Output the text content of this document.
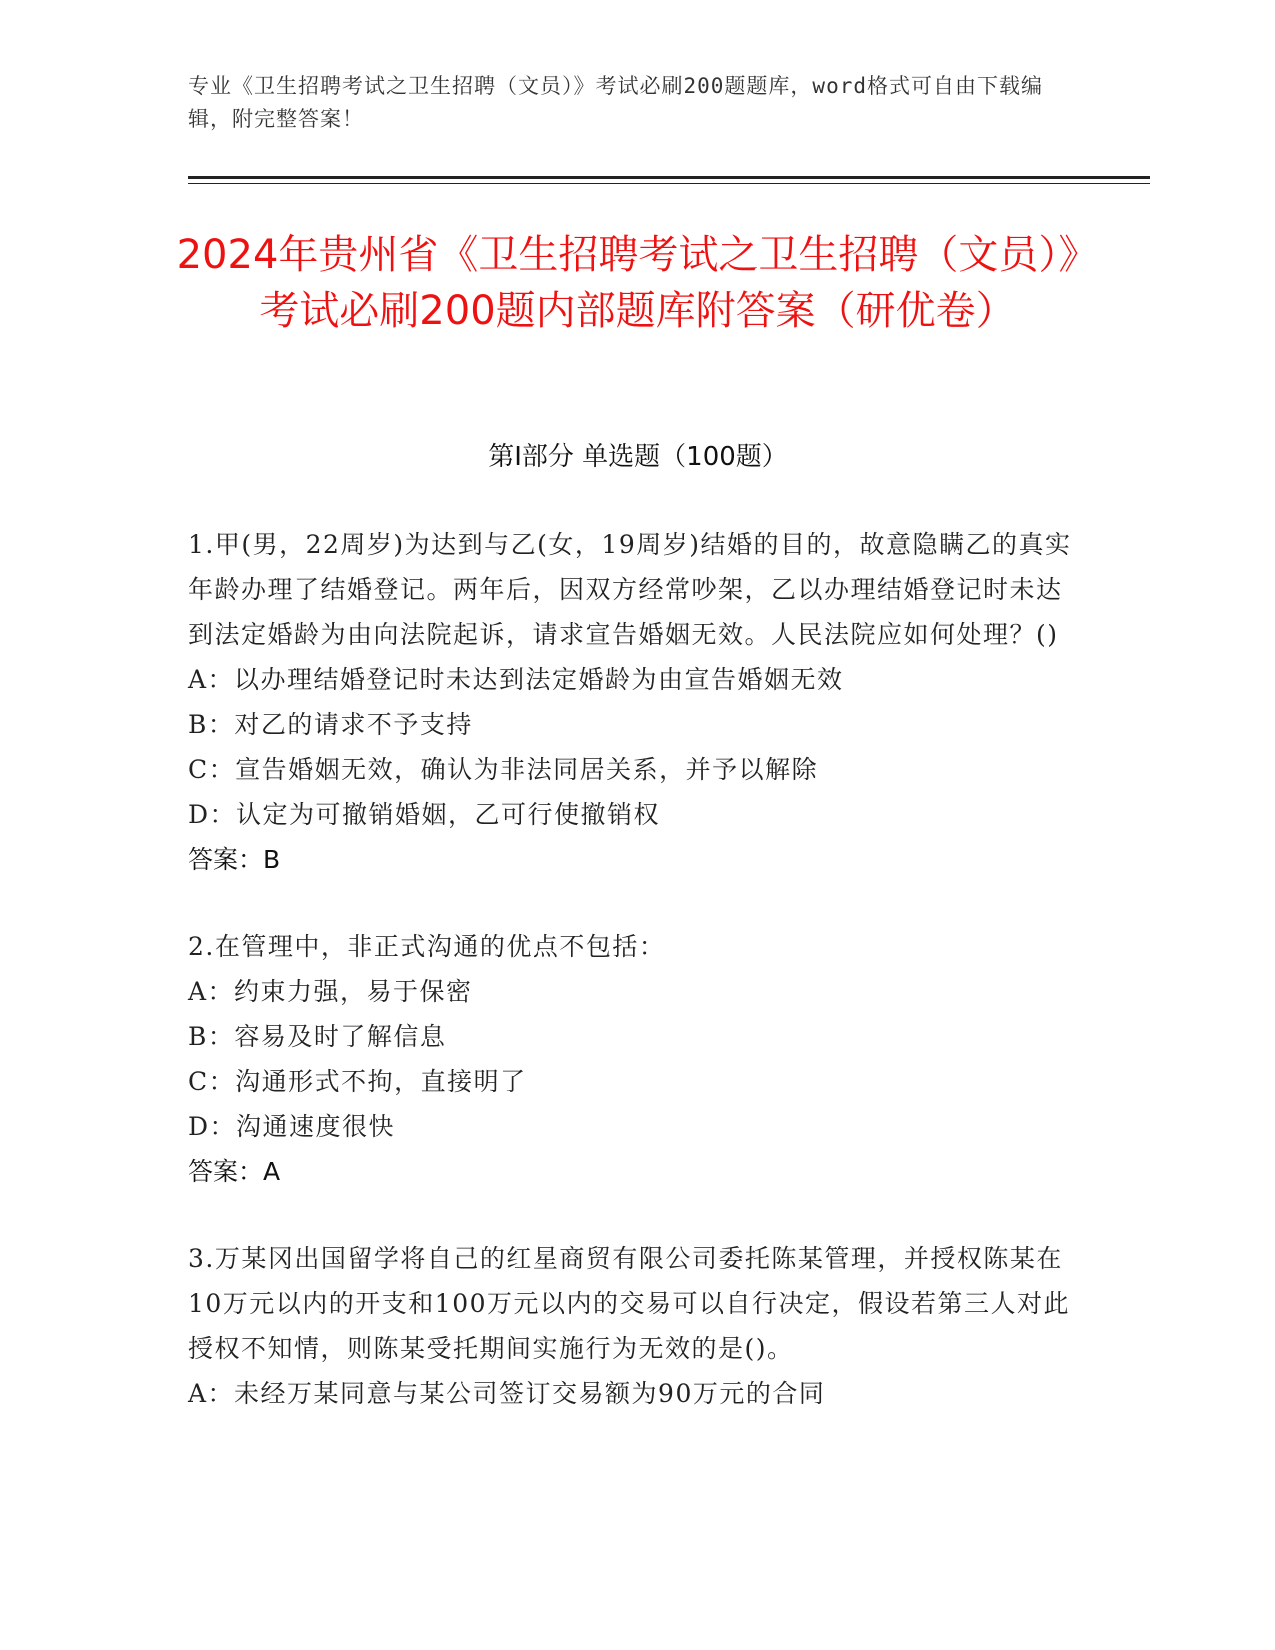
专业《卫生招聘考试之卫生招聘（文员）》考试必刷200题题库，word格式可自由下载编辑，附完整答案！
2024年贵州省《卫生招聘考试之卫生招聘（文员）》考试必刷200题内部题库附答案（研优卷）
第Ⅰ部分 单选题（100题）

1.甲(男，22周岁)为达到与乙(女，19周岁)结婚的目的，故意隐瞒乙的真实年龄办理了结婚登记。两年后，因双方经常吵架，乙以办理结婚登记时未达到法定婚龄为由向法院起诉，请求宣告婚姻无效。人民法院应如何处理？()

A：以办理结婚登记时未达到法定婚龄为由宣告婚姻无效

B：对乙的请求不予支持

C：宣告婚姻无效，确认为非法同居关系，并予以解除

D：认定为可撤销婚姻，乙可行使撤销权

答案：B

2.在管理中，非正式沟通的优点不包括：

A：约束力强，易于保密

B：容易及时了解信息

C：沟通形式不拘，直接明了

D：沟通速度很快

答案：A

3.万某冈出国留学将自己的红星商贸有限公司委托陈某管理，并授权陈某在10万元以内的开支和100万元以内的交易可以自行决定，假设若第三人对此授权不知情，则陈某受托期间实施行为无效的是()。

A：未经万某同意与某公司签订交易额为90万元的合同
